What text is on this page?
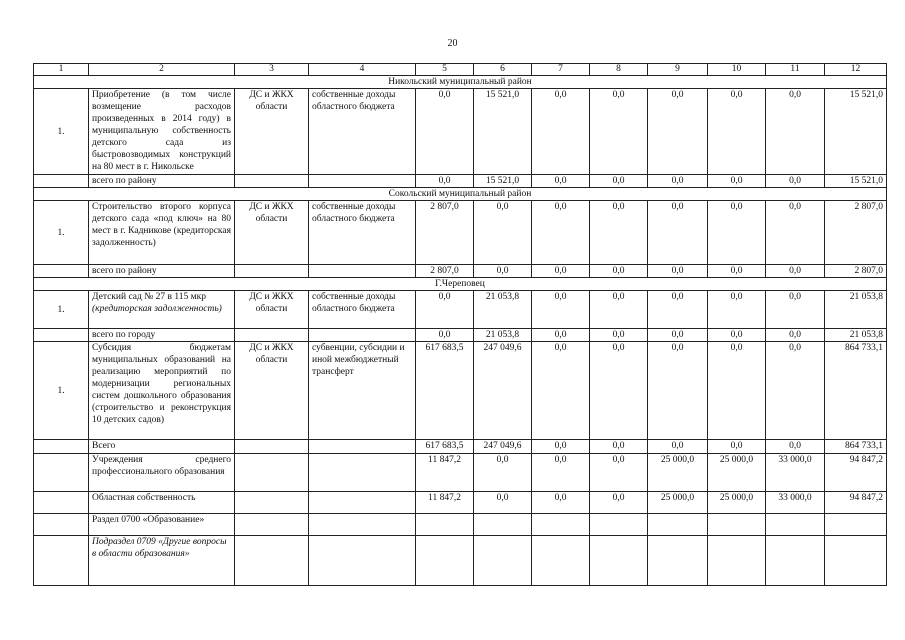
20
1	2	3	4	5	6	7	8	9	10	11	12
Никольский муниципальный район											
1.	Приобретение (в том числе возмещение расходов произведенных в 2014 году) в муниципальную собственность детского сада из быстровозводимых конструкций на 80 мест в г. Никольске	ДС и ЖКХ области	собственные доходы областного бюджета	0,0	15 521,0	0,0	0,0	0,0	0,0	0,0	15 521,0
	всего по району			0,0	15 521,0	0,0	0,0	0,0	0,0	0,0	15 521,0
Сокольский муниципальный район											
1.	Строительство второго корпуса детского сада «под ключ» на 80 мест в г. Кадникове (кредиторская задолженность)	ДС и ЖКХ области	собственные доходы областного бюджета	2 807,0	0,0	0,0	0,0	0,0	0,0	0,0	2 807,0
	всего по району			2 807,0	0,0	0,0	0,0	0,0	0,0	0,0	2 807,0
Г.Череповец											
1.	Детский сад № 27 в 115 мкр (кредиторская задолженность)	ДС и ЖКХ области	собственные доходы областного бюджета	0,0	21 053,8	0,0	0,0	0,0	0,0	0,0	21 053,8
	всего по городу			0,0	21 053,8	0,0	0,0	0,0	0,0	0,0	21 053,8
1.	Субсидия бюджетам муниципальных образований на реализацию мероприятий по модернизации региональных систем дошкольного образования (строительство и реконструкция 10 детских садов)	ДС и ЖКХ области	субвенции, субсидии и иной межбюджетный трансферт	617 683,5	247 049,6	0,0	0,0	0,0	0,0	0,0	864 733,1
	Всего			617 683,5	247 049,6	0,0	0,0	0,0	0,0	0,0	864 733,1
	Учреждения среднего профессионального образования			11 847,2	0,0	0,0	0,0	25 000,0	25 000,0	33 000,0	94 847,2
	Областная собственность			11 847,2	0,0	0,0	0,0	25 000,0	25 000,0	33 000,0	94 847,2
	Раздел 0700 «Образование»										
	Подраздел 0709 «Другие вопросы в области образования»										
